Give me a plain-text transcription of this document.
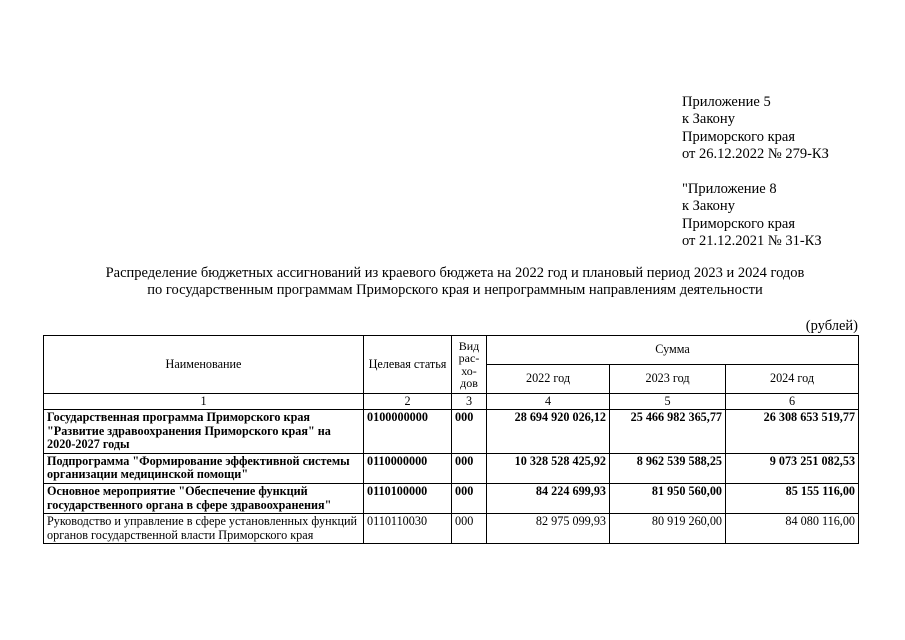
Приложение 5
к Закону
Приморского края
от 26.12.2022 № 279-КЗ
"Приложение 8
к Закону
Приморского края
от 21.12.2021 № 31-КЗ
Распределение бюджетных ассигнований из краевого бюджета на 2022 год и плановый период 2023 и 2024 годов
по государственным программам Приморского края и непрограммным направлениям деятельности
(рублей)
Наименование	Целевая статья	Вид рас-хо-дов	Сумма		
			2022 год	2023 год	2024 год
1	2	3	4	5	6
Государственная программа Приморского края "Развитие здравоохранения Приморского края" на 2020-2027 годы	0100000000	000	28 694 920 026,12	25 466 982 365,77	26 308 653 519,77
Подпрограмма "Формирование эффективной системы организации медицинской помощи"	0110000000	000	10 328 528 425,92	8 962 539 588,25	9 073 251 082,53
Основное мероприятие "Обеспечение функций государственного органа в сфере здравоохранения"	0110100000	000	84 224 699,93	81 950 560,00	85 155 116,00
Руководство и управление в сфере установленных функций органов государственной власти Приморского края	0110110030	000	82 975 099,93	80 919 260,00	84 080 116,00
